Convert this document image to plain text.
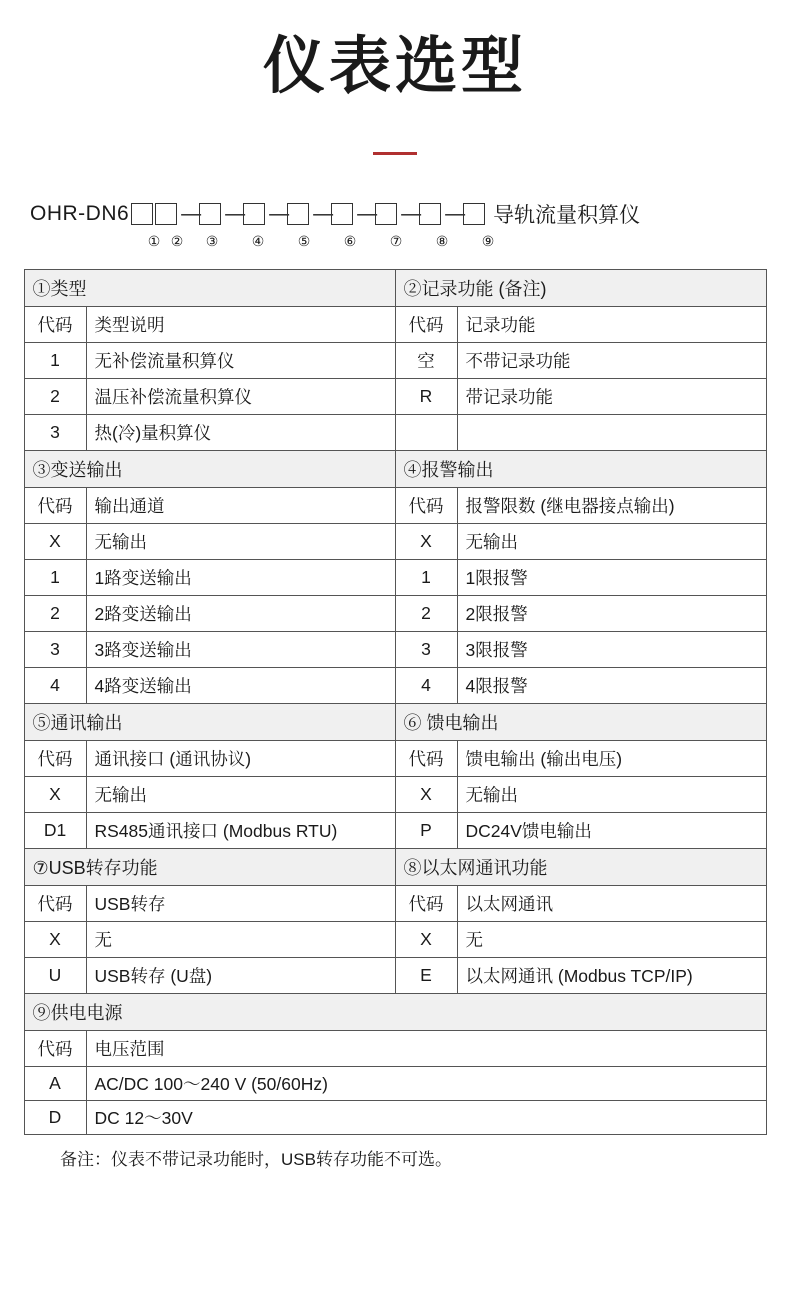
仪表选型
OHR-DN6	— — — — — — — 导轨流量积算仪
① ②	③	④	⑤	⑥	⑦	⑧	⑨
①类型		②记录功能 (备注)	
代码	类型说明	代码	记录功能
1	无补偿流量积算仪	空	不带记录功能
2	温压补偿流量积算仪	R	带记录功能
3	热(冷)量积算仪		
③变送输出		④报警输出	
代码	输出通道	代码	报警限数 (继电器接点输出)
X	无输出	X	无输出
1	1路变送输出	1	1限报警
2	2路变送输出	2	2限报警
3	3路变送输出	3	3限报警
4	4路变送输出	4	4限报警
⑤通讯输出		⑥ 馈电输出	
代码	通讯接口 (通讯协议)	代码	馈电输出 (输出电压)
X	无输出	X	无输出
D1	RS485通讯接口 (Modbus RTU)	P	DC24V馈电输出
⑦USB转存功能		⑧以太网通讯功能	
代码	USB转存	代码	以太网通讯
X	无	X	无
U	USB转存 (U盘)	E	以太网通讯 (Modbus TCP/IP)
⑨供电电源			
代码	电压范围		
A	AC/DC 100～240 V (50/60Hz)		
D	DC 12～30V		
备注：仪表不带记录功能时，USB转存功能不可选。			
